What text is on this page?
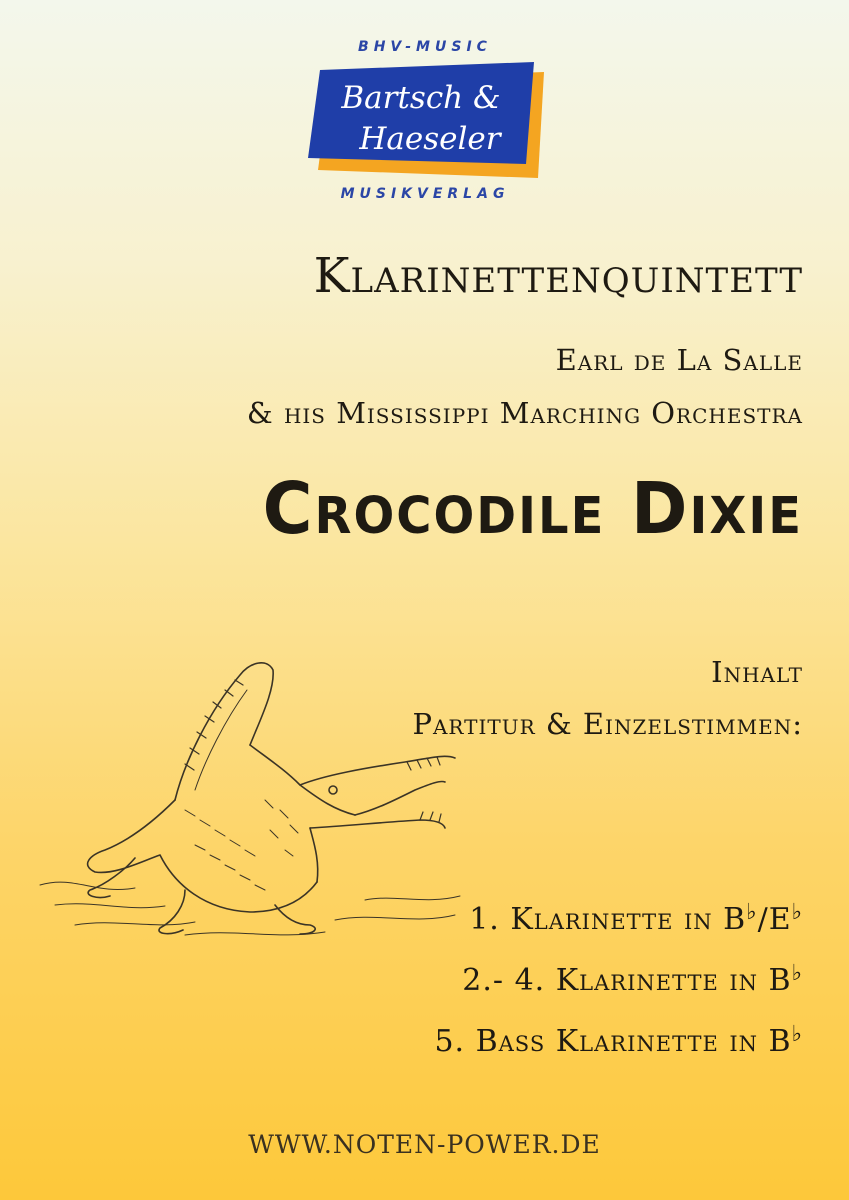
Bartsch &
Haeseler
BHV-MUSIC
MUSIKVERLAG
Klarinettenquintett
Earl de La Salle
& his Mississippi Marching Orchestra
Crocodile Dixie
Inhalt
Partitur & Einzelstimmen:
1. Klarinette in B♭/E♭
2.- 4. Klarinette in B♭
5. Bass Klarinette in B♭
WWW.NOTEN-POWER.DE
